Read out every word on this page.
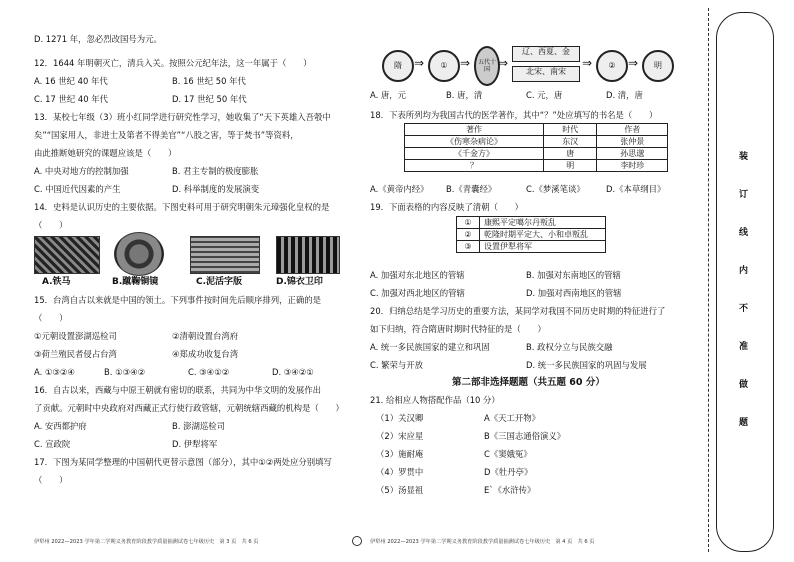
D. 1271 年，忽必烈改国号为元。
12．1644 年明朝灭亡，清兵入关。按照公元纪年法，这一年属于（　　）
A. 16 世纪 40 年代	B. 16 世纪 50 年代
C. 17 世纪 40 年代	D. 17 世纪 50 年代
13．某校七年级（3）班小红同学进行研究性学习，她收集了“天下英雄入吾彀中
矣”“国家用人，非进士及第者不得美官”“八股之害，等于焚书”等资料，
由此推断她研究的课题应该是（　　）
A. 中央对地方的控制加强	B. 君主专制的极度膨胀
C. 中国近代因素的产生	D. 科举制度的发展演变
14．史料是认识历史的主要依据。下图史料可用于研究明朝朱元璋强化皇权的是
（　　）
A.铁马	B.蹴鞠铜镜	C.泥活字版	D.锦衣卫印
15．台湾自古以来就是中国的领土。下列事件按时间先后顺序排列，正确的是
（　　）
①元朝设置澎湖巡检司	②清朝设置台湾府
③荷兰殖民者侵占台湾	④郑成功收复台湾
A. ①③②④	B. ①③④②	C. ③④①②	D. ③④②①
16．自古以来，西藏与中原王朝就有密切的联系，共同为中华文明的发展作出
了贡献。元朝时中央政府对西藏正式行使行政管辖，元朝统辖西藏的机构是（　　）
A. 安西都护府	B. 澎湖巡检司
C. 宣政院	D. 伊犁将军
17．下图为某同学整理的中国朝代更替示意图（部分），其中①②两处应分别填写
（　　）
伊犁州 2022—2023 学年第二学期义务教育阶段教学质量抽测试卷七年级历史　第 3 页　共 6 页
隋	⇒	①	⇒	五代十国 ⇒
辽、西夏、金
北宋、南宋
⇒	②	⇒	明
A. 唐，元	B. 唐，清	C. 元，唐	D. 清，唐
18．下表所列均为我国古代的医学著作，其中“？”处应填写的书名是（　　）
著作	时代	作者
《伤寒杂病论》	东汉	张仲景
《千金方》	唐	孙思邈
？	明	李时珍
A.《黄帝内经》 B.《青囊经》	C.《梦溪笔谈》	D.《本草纲目》
19．下面表格的内容反映了清朝（　　）
①	康熙平定噶尔丹叛乱
②	乾隆时期平定大、小和卓叛乱
③	设置伊犁将军
A. 加强对东北地区的管辖	B. 加强对东南地区的管辖
C. 加强对西北地区的管辖	D. 加强对西南地区的管辖
20．归纳总结是学习历史的重要方法，某同学对我国不同历史时期的特征进行了
如下归纳，符合隋唐时期时代特征的是（　　）
A. 统一多民族国家的建立和巩固	B. 政权分立与民族交融
C. 繁荣与开放	D. 统一多民族国家的巩固与发展
第二部非选择题题（共五题 60 分）
21. 给相应人物搭配作品（10 分）
（1）关汉卿	A《天工开物》
（2）宋应星	B《三国志通俗演义》
（3）施耐庵	C《窦娥冤》
（4）罗贯中	D《牡丹亭》
（5）汤显祖	E`《水浒传》
伊犁州 2022—2023 学年第二学期义务教育阶段教学质量抽测试卷七年级历史　第 4 页　共 6 页
装
订
线
内
不
准
做
题
